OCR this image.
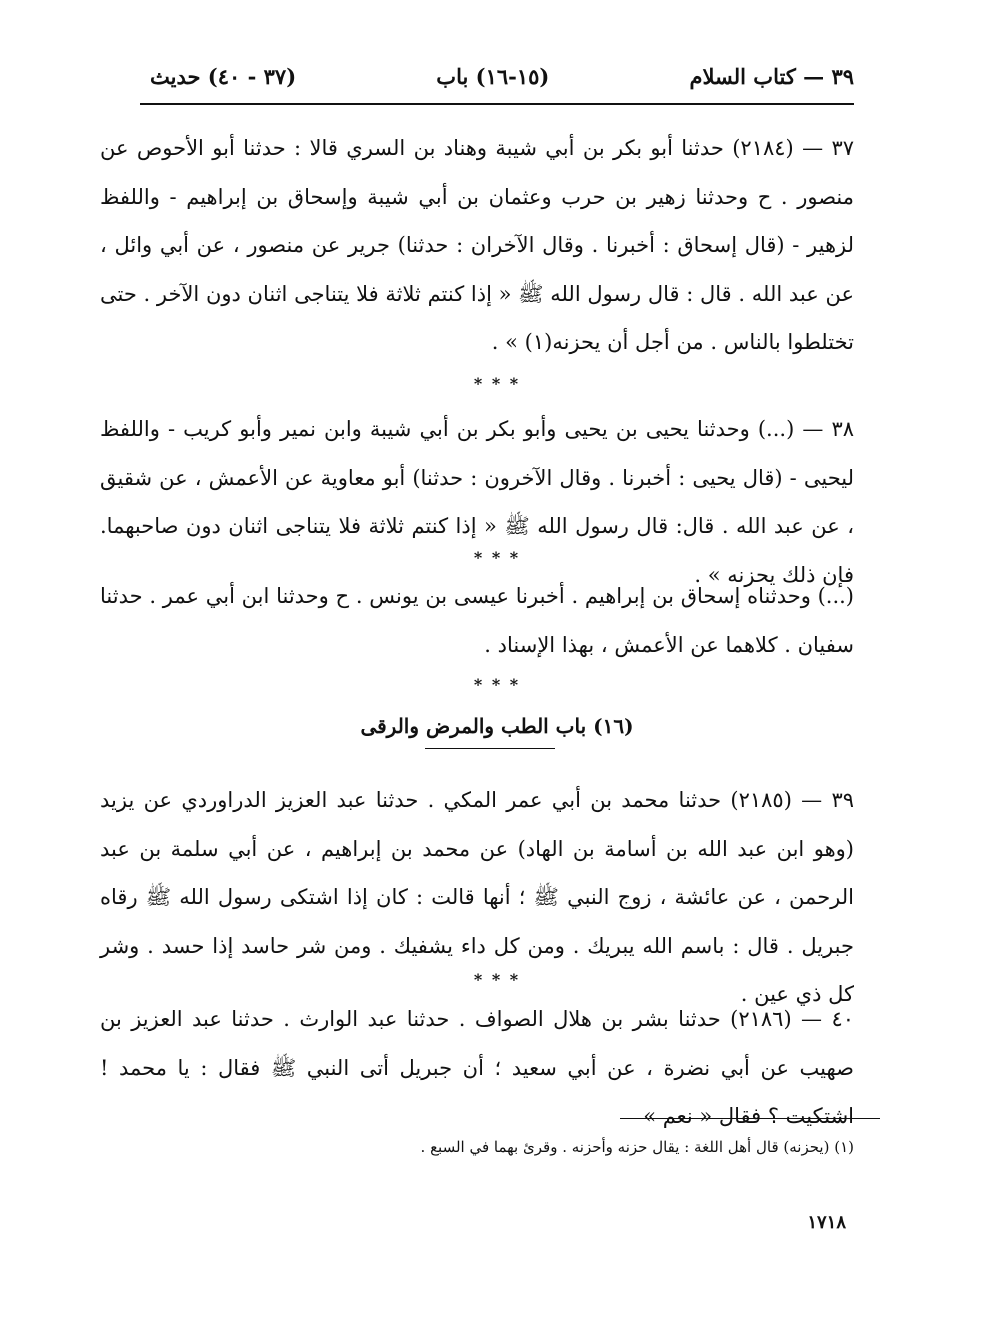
٣٩ — كتاب السلام
(١٥-١٦) باب
(٣٧ - ٤٠) حديث
٣٧ — (٢١٨٤) حدثنا أبو بكر بن أبي شيبة وهناد بن السري قالا : حدثنا أبو الأحوص عن منصور . ح وحدثنا زهير بن حرب وعثمان بن أبي شيبة وإسحاق بن إبراهيم - واللفظ لزهير - (قال إسحاق : أخبرنا . وقال الآخران : حدثنا) جرير عن منصور ، عن أبي وائل ، عن عبد الله . قال : قال رسول الله ﷺ « إذا كنتم ثلاثة فلا يتناجى اثنان دون الآخر . حتى تختلطوا بالناس . من أجل أن يحزنه(١) » .
* * *
٣٨ — (...) وحدثنا يحيى بن يحيى وأبو بكر بن أبي شيبة وابن نمير وأبو كريب - واللفظ ليحيى - (قال يحيى : أخبرنا . وقال الآخرون : حدثنا) أبو معاوية عن الأعمش ، عن شقيق ، عن عبد الله . قال: قال رسول الله ﷺ « إذا كنتم ثلاثة فلا يتناجى اثنان دون صاحبهما. فإن ذلك يحزنه » .
* * *
(...) وحدثناه إسحاق بن إبراهيم . أخبرنا عيسى بن يونس . ح وحدثنا ابن أبي عمر . حدثنا سفيان . كلاهما عن الأعمش ، بهذا الإسناد .
* * *
(١٦) باب الطب والمرض والرقى
٣٩ — (٢١٨٥) حدثنا محمد بن أبي عمر المكي . حدثنا عبد العزيز الدراوردي عن يزيد (وهو ابن عبد الله بن أسامة بن الهاد) عن محمد بن إبراهيم ، عن أبي سلمة بن عبد الرحمن ، عن عائشة ، زوج النبي ﷺ ؛ أنها قالت : كان إذا اشتكى رسول الله ﷺ رقاه جبريل . قال : باسم الله يبريك . ومن كل داء يشفيك . ومن شر حاسد إذا حسد . وشر كل ذي عين .
* * *
٤٠ — (٢١٨٦) حدثنا بشر بن هلال الصواف . حدثنا عبد الوارث . حدثنا عبد العزيز بن صهيب عن أبي نضرة ، عن أبي سعيد ؛ أن جبريل أتى النبي ﷺ فقال : يا محمد ! اشتكيت ؟ فقال « نعم »
(١) (يحزنه) قال أهل اللغة : يقال حزنه وأحزنه . وقرئ بهما في السبع .
١٧١٨
